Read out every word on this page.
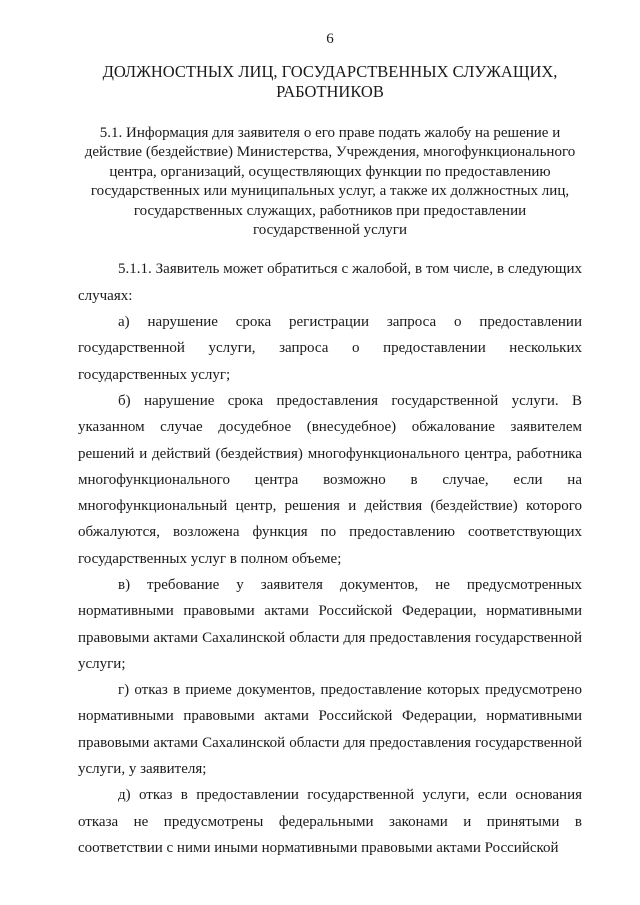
6
ДОЛЖНОСТНЫХ ЛИЦ, ГОСУДАРСТВЕННЫХ СЛУЖАЩИХ,
РАБОТНИКОВ
5.1. Информация для заявителя о его праве подать жалобу на решение и
действие (бездействие) Министерства, Учреждения, многофункционального
центра, организаций, осуществляющих функции по предоставлению
государственных или муниципальных услуг, а также их должностных лиц,
государственных служащих, работников при предоставлении
государственной услуги

5.1.1. Заявитель может обратиться с жалобой, в том числе, в следующих случаях:

а) нарушение срока регистрации запроса о предоставлении государственной услуги, запроса о предоставлении нескольких государственных услуг;

б) нарушение срока предоставления государственной услуги. В указанном случае досудебное (внесудебное) обжалование заявителем решений и действий (бездействия) многофункционального центра, работника многофункционального центра возможно в случае, если на многофункциональный центр, решения и действия (бездействие) которого обжалуются, возложена функция по предоставлению соответствующих государственных услуг в полном объеме;

в) требование у заявителя документов, не предусмотренных нормативными правовыми актами Российской Федерации, нормативными правовыми актами Сахалинской области для предоставления государственной услуги;

г) отказ в приеме документов, предоставление которых предусмотрено нормативными правовыми актами Российской Федерации, нормативными правовыми актами Сахалинской области для предоставления государственной услуги, у заявителя;

д) отказ в предоставлении государственной услуги, если основания отказа не предусмотрены федеральными законами и принятыми в соответствии с ними иными нормативными правовыми актами Российской
